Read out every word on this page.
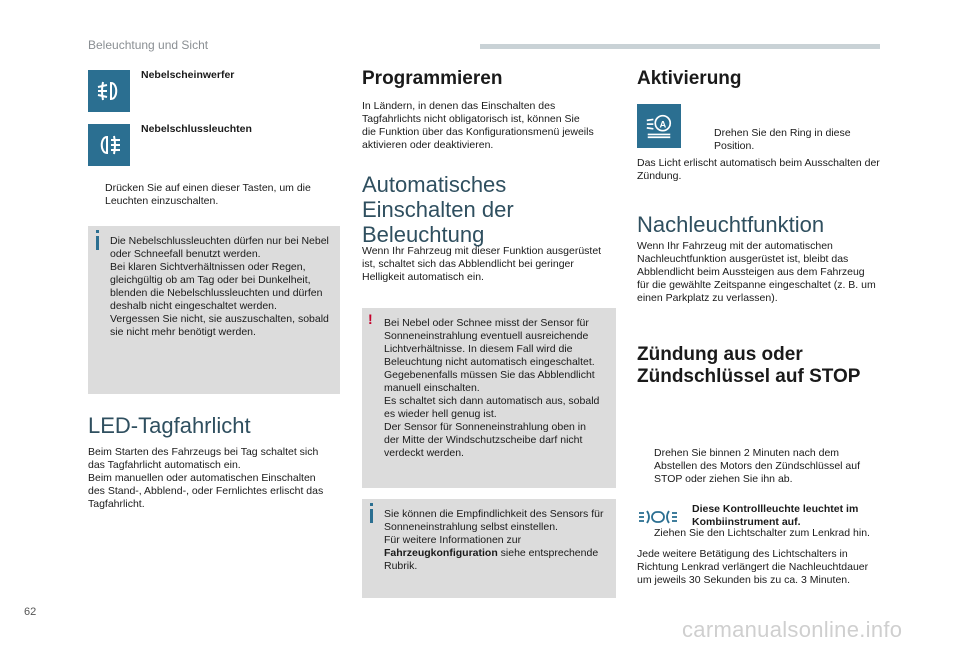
Beleuchtung und Sicht
Nebelscheinwerfer
Nebelschlussleuchten
Drücken Sie auf einen dieser Tasten, um die Leuchten einzuschalten.
Die Nebelschlussleuchten dürfen nur bei Nebel
oder Schneefall benutzt werden.
Bei klaren Sichtverhältnissen oder Regen,
gleichgültig ob am Tag oder bei Dunkelheit,
blenden die Nebelschlussleuchten und dürfen
deshalb nicht eingeschaltet werden.
Vergessen Sie nicht, sie auszuschalten, sobald
sie nicht mehr benötigt werden.
LED-Tagfahrlicht
Beim Starten des Fahrzeugs bei Tag schaltet sich
das Tagfahrlicht automatisch ein.
Beim manuellen oder automatischen Einschalten
des Stand-, Abblend-, oder Fernlichtes erlischt das
Tagfahrlicht.
Programmieren
In Ländern, in denen das Einschalten des
Tagfahrlichts nicht obligatorisch ist, können Sie
die Funktion über das Konfigurationsmenü jeweils
aktivieren oder deaktivieren.
Automatisches
Einschalten der
Beleuchtung
Wenn Ihr Fahrzeug mit dieser Funktion ausgerüstet
ist, schaltet sich das Abblendlicht bei geringer
Helligkeit automatisch ein.
! Bei Nebel oder Schnee misst der Sensor für
Sonneneinstrahlung eventuell ausreichende
Lichtverhältnisse. In diesem Fall wird die
Beleuchtung nicht automatisch eingeschaltet.
Gegebenenfalls müssen Sie das Abblendlicht
manuell einschalten.
Es schaltet sich dann automatisch aus, sobald
es wieder hell genug ist.
Der Sensor für Sonneneinstrahlung oben in
der Mitte der Windschutzscheibe darf nicht
verdeckt werden.
Sie können die Empfindlichkeit des Sensors für
Sonneneinstrahlung selbst einstellen.
Für weitere Informationen zur
Fahrzeugkonfiguration siehe entsprechende
Rubrik.
Aktivierung
A
Drehen Sie den Ring in diese
Position.
Das Licht erlischt automatisch beim Ausschalten der
Zündung.
Nachleuchtfunktion
Wenn Ihr Fahrzeug mit der automatischen
Nachleuchtfunktion ausgerüstet ist, bleibt das
Abblendlicht beim Aussteigen aus dem Fahrzeug
für die gewählte Zeitspanne eingeschaltet (z. B. um
einen Parkplatz zu verlassen).
Zündung aus oder
Zündschlüssel auf STOP
Drehen Sie binnen 2 Minuten nach dem
Abstellen des Motors den Zündschlüssel auf
STOP oder ziehen Sie ihn ab.
Ziehen Sie den Lichtschalter zum Lenkrad hin.
Diese Kontrollleuchte leuchtet im
Kombiinstrument auf.
Jede weitere Betätigung des Lichtschalters in
Richtung Lenkrad verlängert die Nachleuchtdauer
um jeweils 30 Sekunden bis zu ca. 3 Minuten.
62
carmanualsonline.info
